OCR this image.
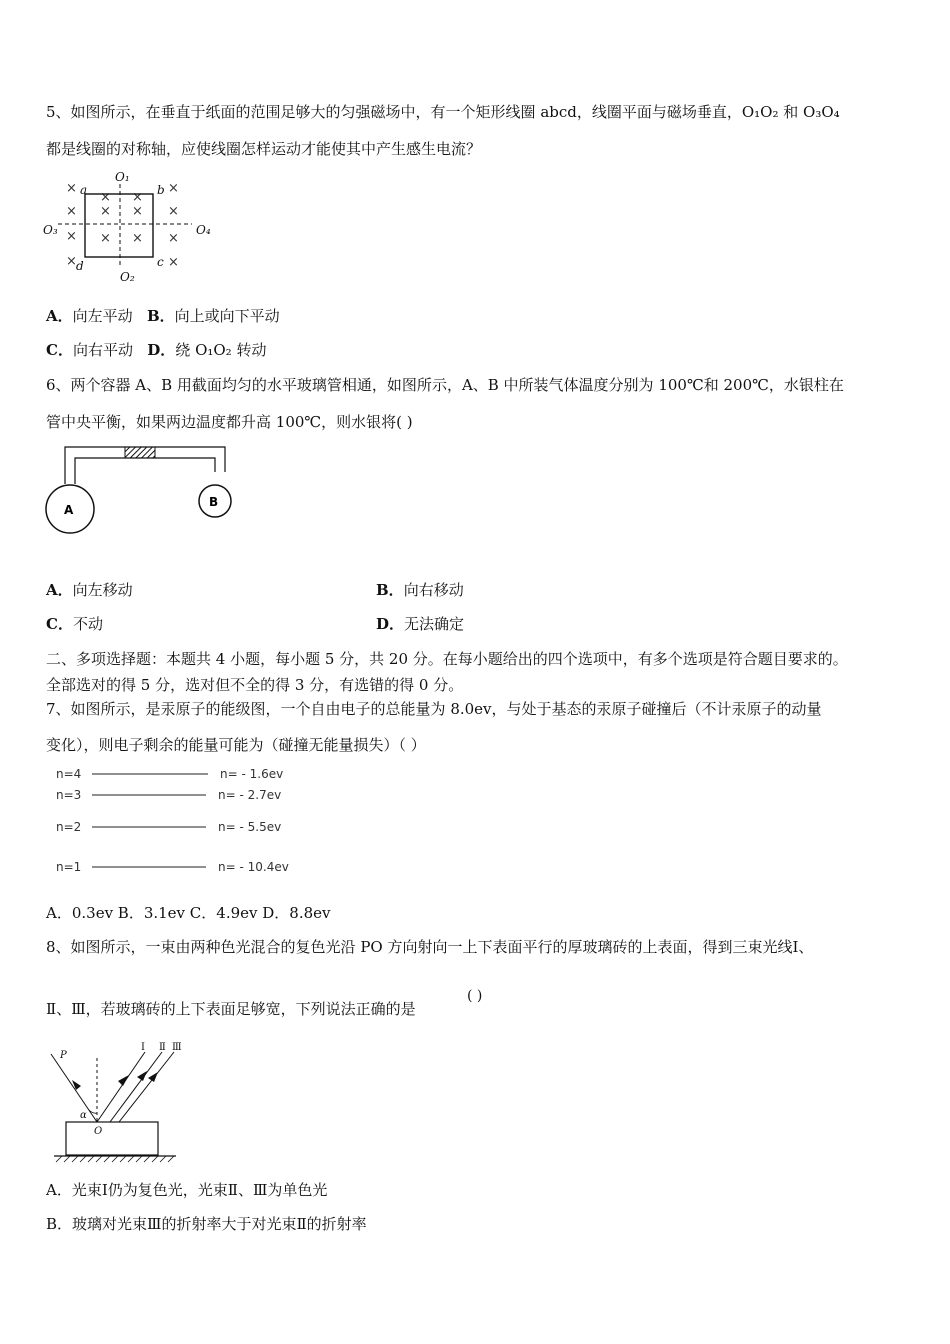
5、如图所示，在垂直于纸面的范围足够大的匀强磁场中，有一个矩形线圈 abcd，线圈平面与磁场垂直，O₁O₂ 和 O₃O₄
都是线圈的对称轴，应使线圈怎样运动才能使其中产生感生电流？
×
× ×
×
× × × ×
× × × ×
×	×
a	b
c
d
O₁
O₂
O₃	O₄
A．向左平动 B．向上或向下平动
C．向右平动 D．绕 O₁O₂ 转动
6、两个容器 A、B 用截面均匀的水平玻璃管相通，如图所示，A、B 中所装气体温度分别为 100℃和 200℃，水银柱在
管中央平衡，如果两边温度都升高 100℃，则水银将( )
A
B
A．向左移动	B．向右移动
C．不动	D．无法确定
二、多项选择题：本题共 4 小题，每小题 5 分，共 20 分。在每小题给出的四个选项中，有多个选项是符合题目要求的。
全部选对的得 5 分，选对但不全的得 3 分，有选错的得 0 分。
7、如图所示，是汞原子的能级图，一个自由电子的总能量为 8.0ev，与处于基态的汞原子碰撞后（不计汞原子的动量
变化），则电子剩余的能量可能为（碰撞无能量损失）（ ）
n=4	n= - 1.6ev
n=3	n= - 2.7ev
n=2	n= - 5.5ev
n=1	n= - 10.4ev
A．0.3ev B．3.1ev C．4.9ev D．8.8ev
8、如图所示，一束由两种色光混合的复色光沿 PO 方向射向一上下表面平行的厚玻璃砖的上表面，得到三束光线Ⅰ、
( )
Ⅱ、Ⅲ，若玻璃砖的上下表面足够宽，下列说法正确的是
P
O
α
Ⅰ Ⅱ Ⅲ
A．光束Ⅰ仍为复色光，光束Ⅱ、Ⅲ为单色光
B．玻璃对光束Ⅲ的折射率大于对光束Ⅱ的折射率
